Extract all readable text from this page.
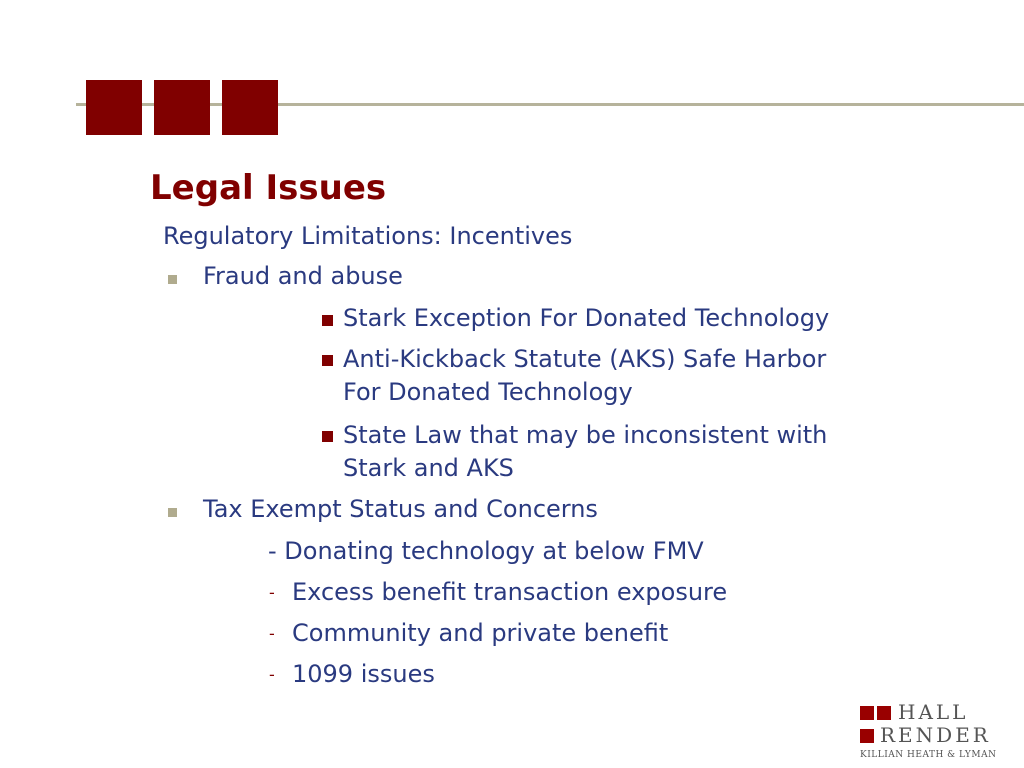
Legal Issues
Regulatory Limitations: Incentives
Fraud and abuse
Stark Exception For Donated Technology
Anti-Kickback Statute (AKS) Safe Harbor
For Donated Technology
State Law that may be inconsistent with
Stark and AKS
Tax Exempt Status and Concerns
- Donating technology at below FMV
- Excess benefit transaction exposure
- Community and private benefit
- 1099 issues
HALL
RENDER
KILLIAN HEATH & LYMAN
